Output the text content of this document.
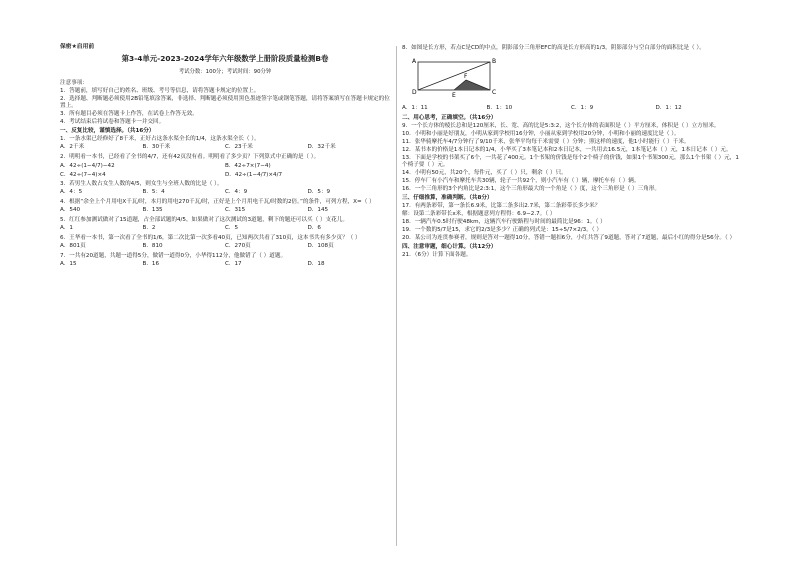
保密★启用前
第3-4单元-2023-2024学年六年级数学上册阶段质量检测B卷
考试分数：100分；考试时间：90分钟
注意事项：
1．答题前，填写好自己的姓名、班级、考号等信息，请将答题卡规定的位置上。
2．选择题、判断题必须使用2B铅笔填涂答案，非选择、判断题必须使用黑色墨迹签字笔或钢笔答题，请将答案填写在答题卡规定的位置上。
3．所有题目必须在答题卡上作答，在试卷上作答无效。
4．考试结束后将试卷和答题卡一并交回。
一、反复比较，谨慎选择。（共16分）
1．一条水渠已经修好了8千米，正好占这条水渠全长的1/4，这条水渠全长（ ）。
A．2千米	B．30千米	C．23千米	D．32千米
2．明明看一本书，已经看了全书的4/7，还有42页没有看。明明看了多少页？下列算式中正确的是（ ）。
A．42÷(1−4/7)−42	B．42÷7×(7−4)
C．42÷(7−4)×4	D．42÷(1−4/7)×4/7
3．若男生人数占女生人数的4/5，则女生与全班人数的比是（ ）。
A．4：5	B．5：4	C．4：9	D．5：9
4．根据“余全上个月用电X千瓦/时，本月的用电270千瓦/时，正好是上个月用电千瓦/时数的2倍。”的条件，可列方程，X=（ ）
A．540	B．135	C．315	D．145
5．红红参加测试做对了15道题，占全部试题的4/5，如果做对了这次测试的3道题，剩下的题还可以买（ ）支花儿。
A．1	B．2	C．5	D．6
6．王华看一本书，第一次看了全书的1/6，第二次比第一次多看40页，已知两次共看了310页，这本书共有多少页？（ ）
A．801页	B．810	C．270页	D．108页
7．一共有20道题，共题一道得5分，做错一道得0分，小华得112分，他做错了（ ）道题。
A．15	B．16	C．17	D．18
8．如图是长方形，若点C是CD的中点，阴影部分三角形EFC的高是长方形高的1/3，阴影部分与空白部分的面积比是（ ）。
A	B
C
D	E
F
A．1：11	B．1：10	C．1：9	D．1：12
二、用心思考，正确填空。（共16分）
9．一个长方体的棱长总和是120厘米，长、宽、高的比是5:3:2，这个长方体的表面积是（ ）平方厘米，体积是（ ）立方厘米。
10．小明和小丽是好朋友，小明从家到学校用16分钟，小丽从家到学校用20分钟，小明和小丽的速度比是（ ）。
11．张华骑摩托车4/7分钟行了9/10千米，张华平均每千米需要（ ）分钟；照这样的速度，他1小时能行（ ）千米。
12．某书本的价格是1本日记本的1/4，小华买了3本笔记本和2本日记本，一共用去16.5元，1本笔记本（ ）元，1本日记本（ ）元。
13．下面是学校的书架买了6个，一共花了400元。1个书架的价钱是每个2个椅子的价钱，如果1个书架300元，那么1个书架（ ）元，1个椅子要（ ）元。
14．小明有50元，共20个，每件元，买了（ ）只，剩余（ ）只。
15．停车厂有小汽车和摩托车共30辆，轮子一共92个，则小汽车有（ ）辆，摩托车有（ ）辆。
16．一个三角形的3个内角比是2:3:1，这个三角形最大的一个角是（ ）度，这个三角形是（ ）三角形。
三、仔细推算，准确判断。（共8分）
17．有两条彩带，第一条长6.9米，比第二条多出2.7米，第二条彩带长多少米？
解：设第二条彩带长x米，根据题意列方程得：6.9−2.7。（ ）
18．一辆汽车0.5时行驶48km，这辆汽车行驶路程与时间的最简比是96：1。（ ）
19．一个数的5/7是15，求它的2/3是多少？正确的列式是：15÷5/7×2/3。（ ）
20．某公司为连贯参赛者，规则是答对一题得10分，答错一题扣6分，小红共答了9道题，答对了7道题，最后小红的得分是56分。（ ）
四、注意审题，细心计算。（共12分）
21．（6分）计算下面各题。
